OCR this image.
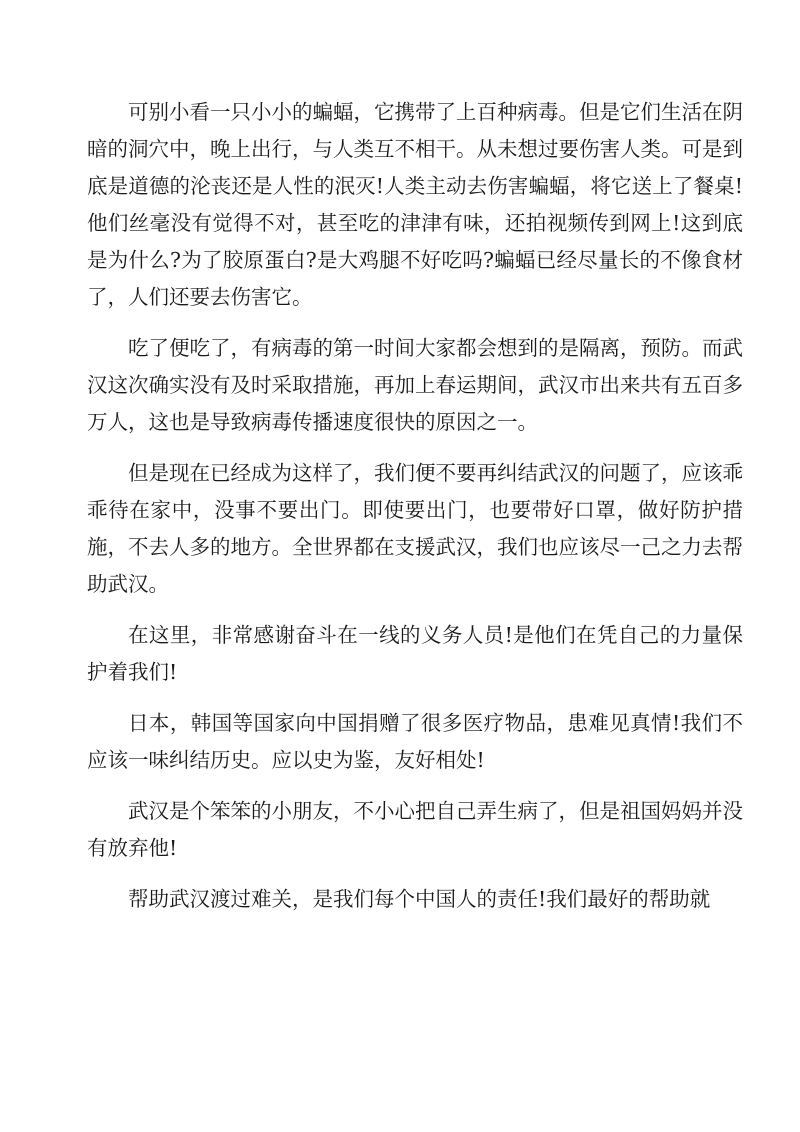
可别小看一只小小的蝙蝠，它携带了上百种病毒。但是它们生活在阴暗的洞穴中，晚上出行，与人类互不相干。从未想过要伤害人类。可是到底是道德的沦丧还是人性的泯灭!人类主动去伤害蝙蝠，将它送上了餐桌!他们丝毫没有觉得不对，甚至吃的津津有味，还拍视频传到网上!这到底是为什么?为了胶原蛋白?是大鸡腿不好吃吗?蝙蝠已经尽量长的不像食材了，人们还要去伤害它。

吃了便吃了，有病毒的第一时间大家都会想到的是隔离，预防。而武汉这次确实没有及时采取措施，再加上春运期间，武汉市出来共有五百多万人，这也是导致病毒传播速度很快的原因之一。

但是现在已经成为这样了，我们便不要再纠结武汉的问题了，应该乖乖待在家中，没事不要出门。即使要出门，也要带好口罩，做好防护措施，不去人多的地方。全世界都在支援武汉，我们也应该尽一己之力去帮助武汉。

在这里，非常感谢奋斗在一线的义务人员!是他们在凭自己的力量保护着我们!

日本，韩国等国家向中国捐赠了很多医疗物品，患难见真情!我们不应该一味纠结历史。应以史为鉴，友好相处!

武汉是个笨笨的小朋友，不小心把自己弄生病了，但是祖国妈妈并没有放弃他!

帮助武汉渡过难关，是我们每个中国人的责任!我们最好的帮助就
